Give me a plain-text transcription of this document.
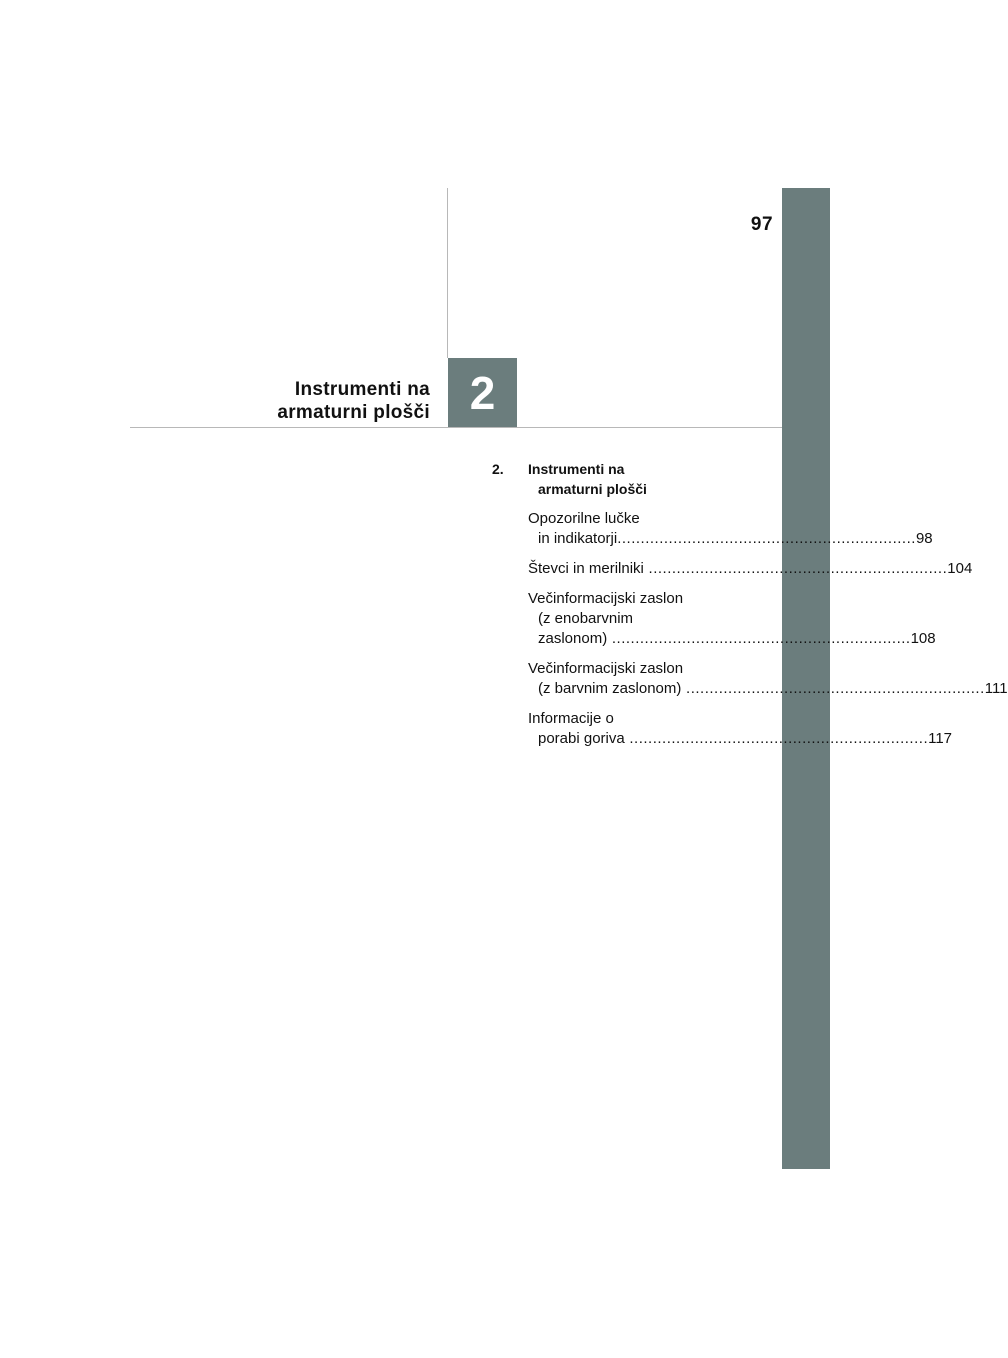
97
2
Instrumenti na
armaturni plošči
2.	Instrumenti na
armaturni plošči
Opozorilne lučke
in indikatorji ................................................................ 98
Števci in merilniki ................................................................ 104
Večinformacijski zaslon
(z enobarvnim
zaslonom) ................................................................ 108
Večinformacijski zaslon
(z barvnim zaslonom) ................................................................ 111
Informacije o
porabi goriva ................................................................ 117
